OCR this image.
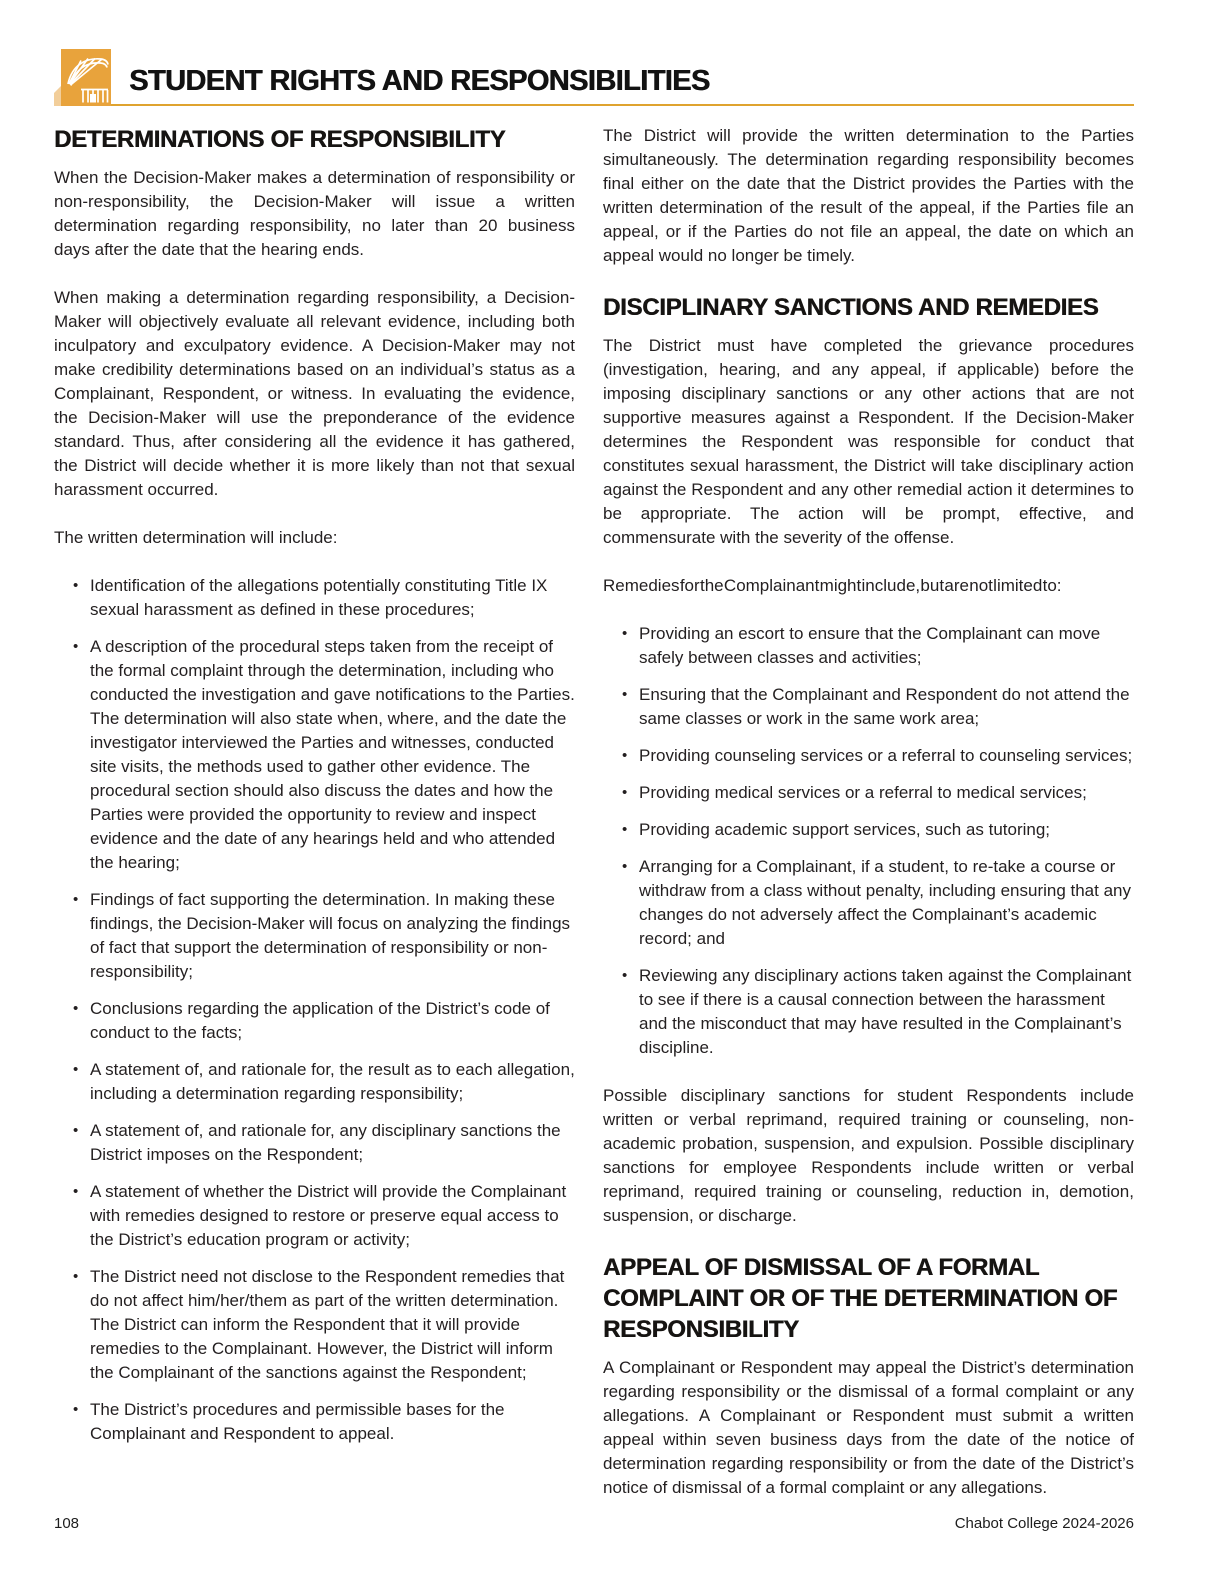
STUDENT RIGHTS AND RESPONSIBILITIES
DETERMINATIONS OF RESPONSIBILITY

When the Decision-Maker makes a determination of responsibility or non-responsibility, the Decision-Maker will issue a written determination regarding responsibility, no later than 20 business days after the date that the hearing ends.

When making a determination regarding responsibility, a Decision-Maker will objectively evaluate all relevant evidence, including both inculpatory and exculpatory evidence. A Decision-Maker may not make credibility determinations based on an individual’s status as a Complainant, Respondent, or witness. In evaluating the evidence, the Decision-Maker will use the preponderance of the evidence standard. Thus, after considering all the evidence it has gathered, the District will decide whether it is more likely than not that sexual harassment occurred.

The written determination will include:

• Identification of the allegations potentially constituting Title IX sexual harassment as defined in these procedures;
• A description of the procedural steps taken from the receipt of the formal complaint through the determination, including who conducted the investigation and gave notifications to the Parties. The determination will also state when, where, and the date the investigator interviewed the Parties and witnesses, conducted site visits, the methods used to gather other evidence. The procedural section should also discuss the dates and how the Parties were provided the opportunity to review and inspect evidence and the date of any hearings held and who attended the hearing;
• Findings of fact supporting the determination. In making these findings, the Decision-Maker will focus on analyzing the findings of fact that support the determination of responsibility or non-responsibility;
• Conclusions regarding the application of the District’s code of conduct to the facts;
• A statement of, and rationale for, the result as to each allegation, including a determination regarding responsibility;
• A statement of, and rationale for, any disciplinary sanctions the District imposes on the Respondent;
• A statement of whether the District will provide the Complainant with remedies designed to restore or preserve equal access to the District’s education program or activity;
• The District need not disclose to the Respondent remedies that do not affect him/her/them as part of the written determination. The District can inform the Respondent that it will provide remedies to the Complainant. However, the District will inform the Complainant of the sanctions against the Respondent;
• The District’s procedures and permissible bases for the Complainant and Respondent to appeal.

The District will provide the written determination to the Parties simultaneously. The determination regarding responsibility becomes final either on the date that the District provides the Parties with the written determination of the result of the appeal, if the Parties file an appeal, or if the Parties do not file an appeal, the date on which an appeal would no longer be timely.

DISCIPLINARY SANCTIONS AND REMEDIES

The District must have completed the grievance procedures (investigation, hearing, and any appeal, if applicable) before the imposing disciplinary sanctions or any other actions that are not supportive measures against a Respondent. If the Decision-Maker determines the Respondent was responsible for conduct that constitutes sexual harassment, the District will take disciplinary action against the Respondent and any other remedial action it determines to be appropriate. The action will be prompt, effective, and commensurate with the severity of the offense.

Remedies for the Complainant might include, but are not limited to:

• Providing an escort to ensure that the Complainant can move safely between classes and activities;
• Ensuring that the Complainant and Respondent do not attend the same classes or work in the same work area;
• Providing counseling services or a referral to counseling services;
• Providing medical services or a referral to medical services;
• Providing academic support services, such as tutoring;
• Arranging for a Complainant, if a student, to re-take a course or withdraw from a class without penalty, including ensuring that any changes do not adversely affect the Complainant’s academic record; and
• Reviewing any disciplinary actions taken against the Complainant to see if there is a causal connection between the harassment and the misconduct that may have resulted in the Complainant’s discipline.

Possible disciplinary sanctions for student Respondents include written or verbal reprimand, required training or counseling, non-academic probation, suspension, and expulsion. Possible disciplinary sanctions for employee Respondents include written or verbal reprimand, required training or counseling, reduction in, demotion, suspension, or discharge.

APPEAL OF DISMISSAL OF A FORMAL COMPLAINT OR OF THE DETERMINATION OF RESPONSIBILITY

A Complainant or Respondent may appeal the District’s determination regarding responsibility or the dismissal of a formal complaint or any allegations. A Complainant or Respondent must submit a written appeal within seven business days from the date of the notice of determination regarding responsibility or from the date of the District’s notice of dismissal of a formal complaint or any allegations.

108	Chabot College 2024-2026
